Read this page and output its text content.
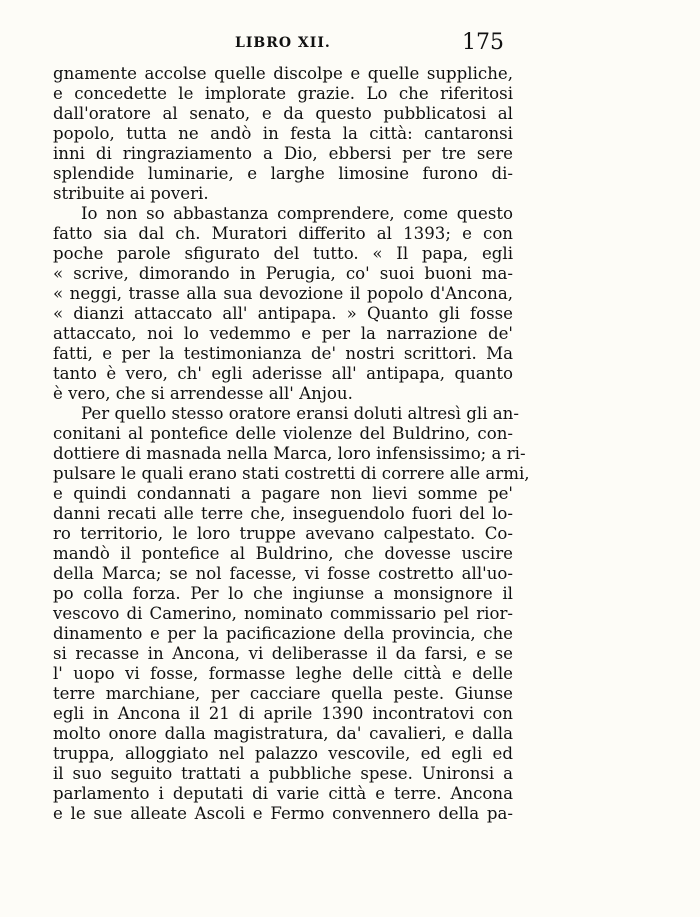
LIBRO XII.	175
gnamente accolse quelle discolpe e quelle suppliche,
e concedette le implorate grazie. Lo che riferitosi
dall'oratore al senato, e da questo pubblicatosi al
popolo, tutta ne andò in festa la città: cantaronsi
inni di ringraziamento a Dio, ebbersi per tre sere
splendide luminarie, e larghe limosine furono di-
stribuite ai poveri.
Io non so abbastanza comprendere, come questo
fatto sia dal ch. Muratori differito al 1393; e con
poche parole sfigurato del tutto. « Il papa, egli
« scrive, dimorando in Perugia, co' suoi buoni ma-
« neggi, trasse alla sua devozione il popolo d'Ancona,
« dianzi attaccato all' antipapa. » Quanto gli fosse
attaccato, noi lo vedemmo e per la narrazione de'
fatti, e per la testimonianza de' nostri scrittori. Ma
tanto è vero, ch' egli aderisse all' antipapa, quanto
è vero, che si arrendesse all' Anjou.
Per quello stesso oratore eransi doluti altresì gli an-
conitani al pontefice delle violenze del Buldrino, con-
dottiere di masnada nella Marca, loro infensissimo; a ri-
pulsare le quali erano stati costretti di correre alle armi,
e quindi condannati a pagare non lievi somme pe'
danni recati alle terre che, inseguendolo fuori del lo-
ro territorio, le loro truppe avevano calpestato. Co-
mandò il pontefice al Buldrino, che dovesse uscire
della Marca; se nol facesse, vi fosse costretto all'uo-
po colla forza. Per lo che ingiunse a monsignore il
vescovo di Camerino, nominato commissario pel rior-
dinamento e per la pacificazione della provincia, che
si recasse in Ancona, vi deliberasse il da farsi, e se
l' uopo vi fosse, formasse leghe delle città e delle
terre marchiane, per cacciare quella peste. Giunse
egli in Ancona il 21 di aprile 1390 incontratovi con
molto onore dalla magistratura, da' cavalieri, e dalla
truppa, alloggiato nel palazzo vescovile, ed egli ed
il suo seguito trattati a pubbliche spese. Unironsi a
parlamento i deputati di varie città e terre. Ancona
e le sue alleate Ascoli e Fermo convennero della pa-
